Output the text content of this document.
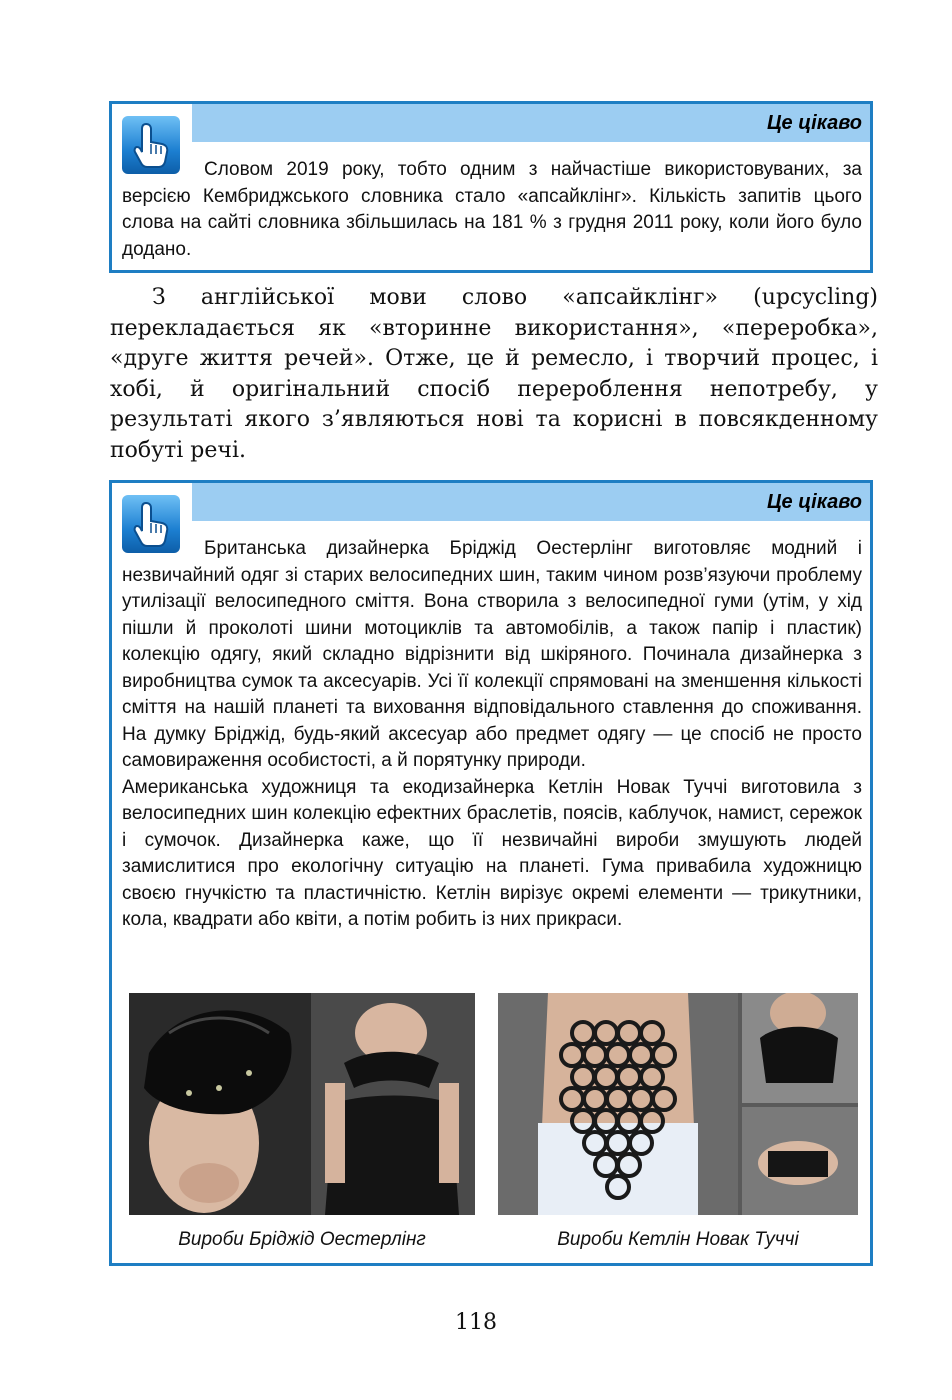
Це цікаво

Словом 2019 року, тобто одним з найчастіше використовуваних, за версією Кембриджського словника стало «апсайклінг». Кількість запитів цього слова на сайті словника збільшилась на 181 % з грудня 2011 року, коли його було додано.

З англійської мови слово «апсайклінг» (upcycling) перекладається як «вторинне використання», «переробка», «друге життя речей». Отже, це й ремесло, і творчий процес, і хобі, й оригінальний спосіб перероблення непотребу, у результаті якого з’являються нові та корисні в повсякденному побуті речі.

Це цікаво

Британська дизайнерка Бріджід Оестерлінг виготовляє модний і незвичайний одяг зі старих велосипедних шин, таким чином розв’язуючи проблему утилізації велосипедного сміття. Вона створила з велосипедної гуми (утім, у хід пішли й проколоті шини мотоциклів та автомобілів, а також папір і пластик) колекцію одягу, який складно відрізнити від шкіряного. Починала дизайнерка з виробництва сумок та аксесуарів. Усі її колекції спрямовані на зменшення кількості сміття на нашій планеті та виховання відповідального ставлення до споживання. На думку Бріджід, будь-який аксесуар або предмет одягу — це спосіб не просто самовираження особистості, а й порятунку природи.

Американська художниця та екодизайнерка Кетлін Новак Туччі виготовила з велосипедних шин колекцію ефектних браслетів, поясів, каблучок, намист, сережок і сумочок. Дизайнерка каже, що її незвичайні вироби змушують людей замислитися про екологічну ситуацію на планеті. Гума привабила художницю своєю гнучкістю та пластичністю. Кетлін вирізує окремі елементи — трикутники, кола, квадрати або квіти, а потім робить із них прикраси.

Вироби Бріджід Оестерлінг	Вироби Кетлін Новак Туччі
118
